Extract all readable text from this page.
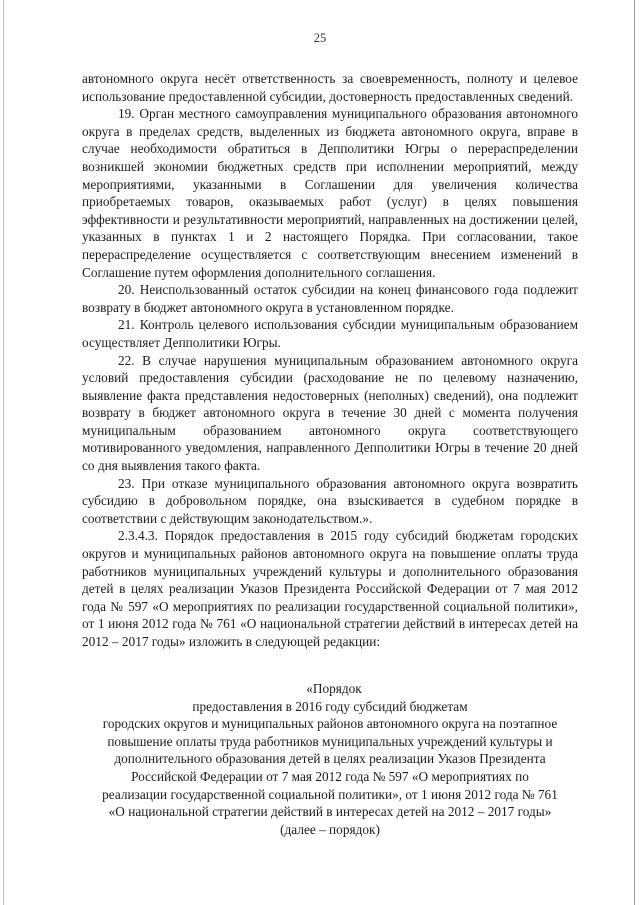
25

автономного округа несёт ответственность за своевременность, полноту и целевое использование предоставленной субсидии, достоверность предоставленных сведений.

19. Орган местного самоуправления муниципального образования автономного округа в пределах средств, выделенных из бюджета автономного округа, вправе в случае необходимости обратиться в Депполитики Югры о перераспределении возникшей экономии бюджетных средств при исполнении мероприятий, между мероприятиями, указанными в Соглашении для увеличения количества приобретаемых товаров, оказываемых работ (услуг) в целях повышения эффективности и результативности мероприятий, направленных на достижении целей, указанных в пунктах 1 и 2 настоящего Порядка. При согласовании, такое перераспределение осуществляется с соответствующим внесением изменений в Соглашение путем оформления дополнительного соглашения.

20. Неиспользованный остаток субсидии на конец финансового года подлежит возврату в бюджет автономного округа в установленном порядке.

21. Контроль целевого использования субсидии муниципальным образованием осуществляет Депполитики Югры.

22. В случае нарушения муниципальным образованием автономного округа условий предоставления субсидии (расходование не по целевому назначению, выявление факта представления недостоверных (неполных) сведений), она подлежит возврату в бюджет автономного округа в течение 30 дней с момента получения муниципальным образованием автономного округа соответствующего мотивированного уведомления, направленного Депполитики Югры в течение 20 дней со дня выявления такого факта.

23. При отказе муниципального образования автономного округа возвратить субсидию в добровольном порядке, она взыскивается в судебном порядке в соответствии с действующим законодательством.».

2.3.4.3. Порядок предоставления в 2015 году субсидий бюджетам городских округов и муниципальных районов автономного округа на повышение оплаты труда работников муниципальных учреждений культуры и дополнительного образования детей в целях реализации Указов Президента Российской Федерации от 7 мая 2012 года № 597 «О мероприятиях по реализации государственной социальной политики», от 1 июня 2012 года № 761 «О национальной стратегии действий в интересах детей на 2012 – 2017 годы» изложить в следующей редакции:

«Порядок
предоставления в 2016 году субсидий бюджетам
городских округов и муниципальных районов автономного округа на поэтапное
повышение оплаты труда работников муниципальных учреждений культуры и
дополнительного образования детей в целях реализации Указов Президента
Российской Федерации от 7 мая 2012 года № 597 «О мероприятиях по
реализации государственной социальной политики», от 1 июня 2012 года № 761
«О национальной стратегии действий в интересах детей на 2012 – 2017 годы»
(далее – порядок)
